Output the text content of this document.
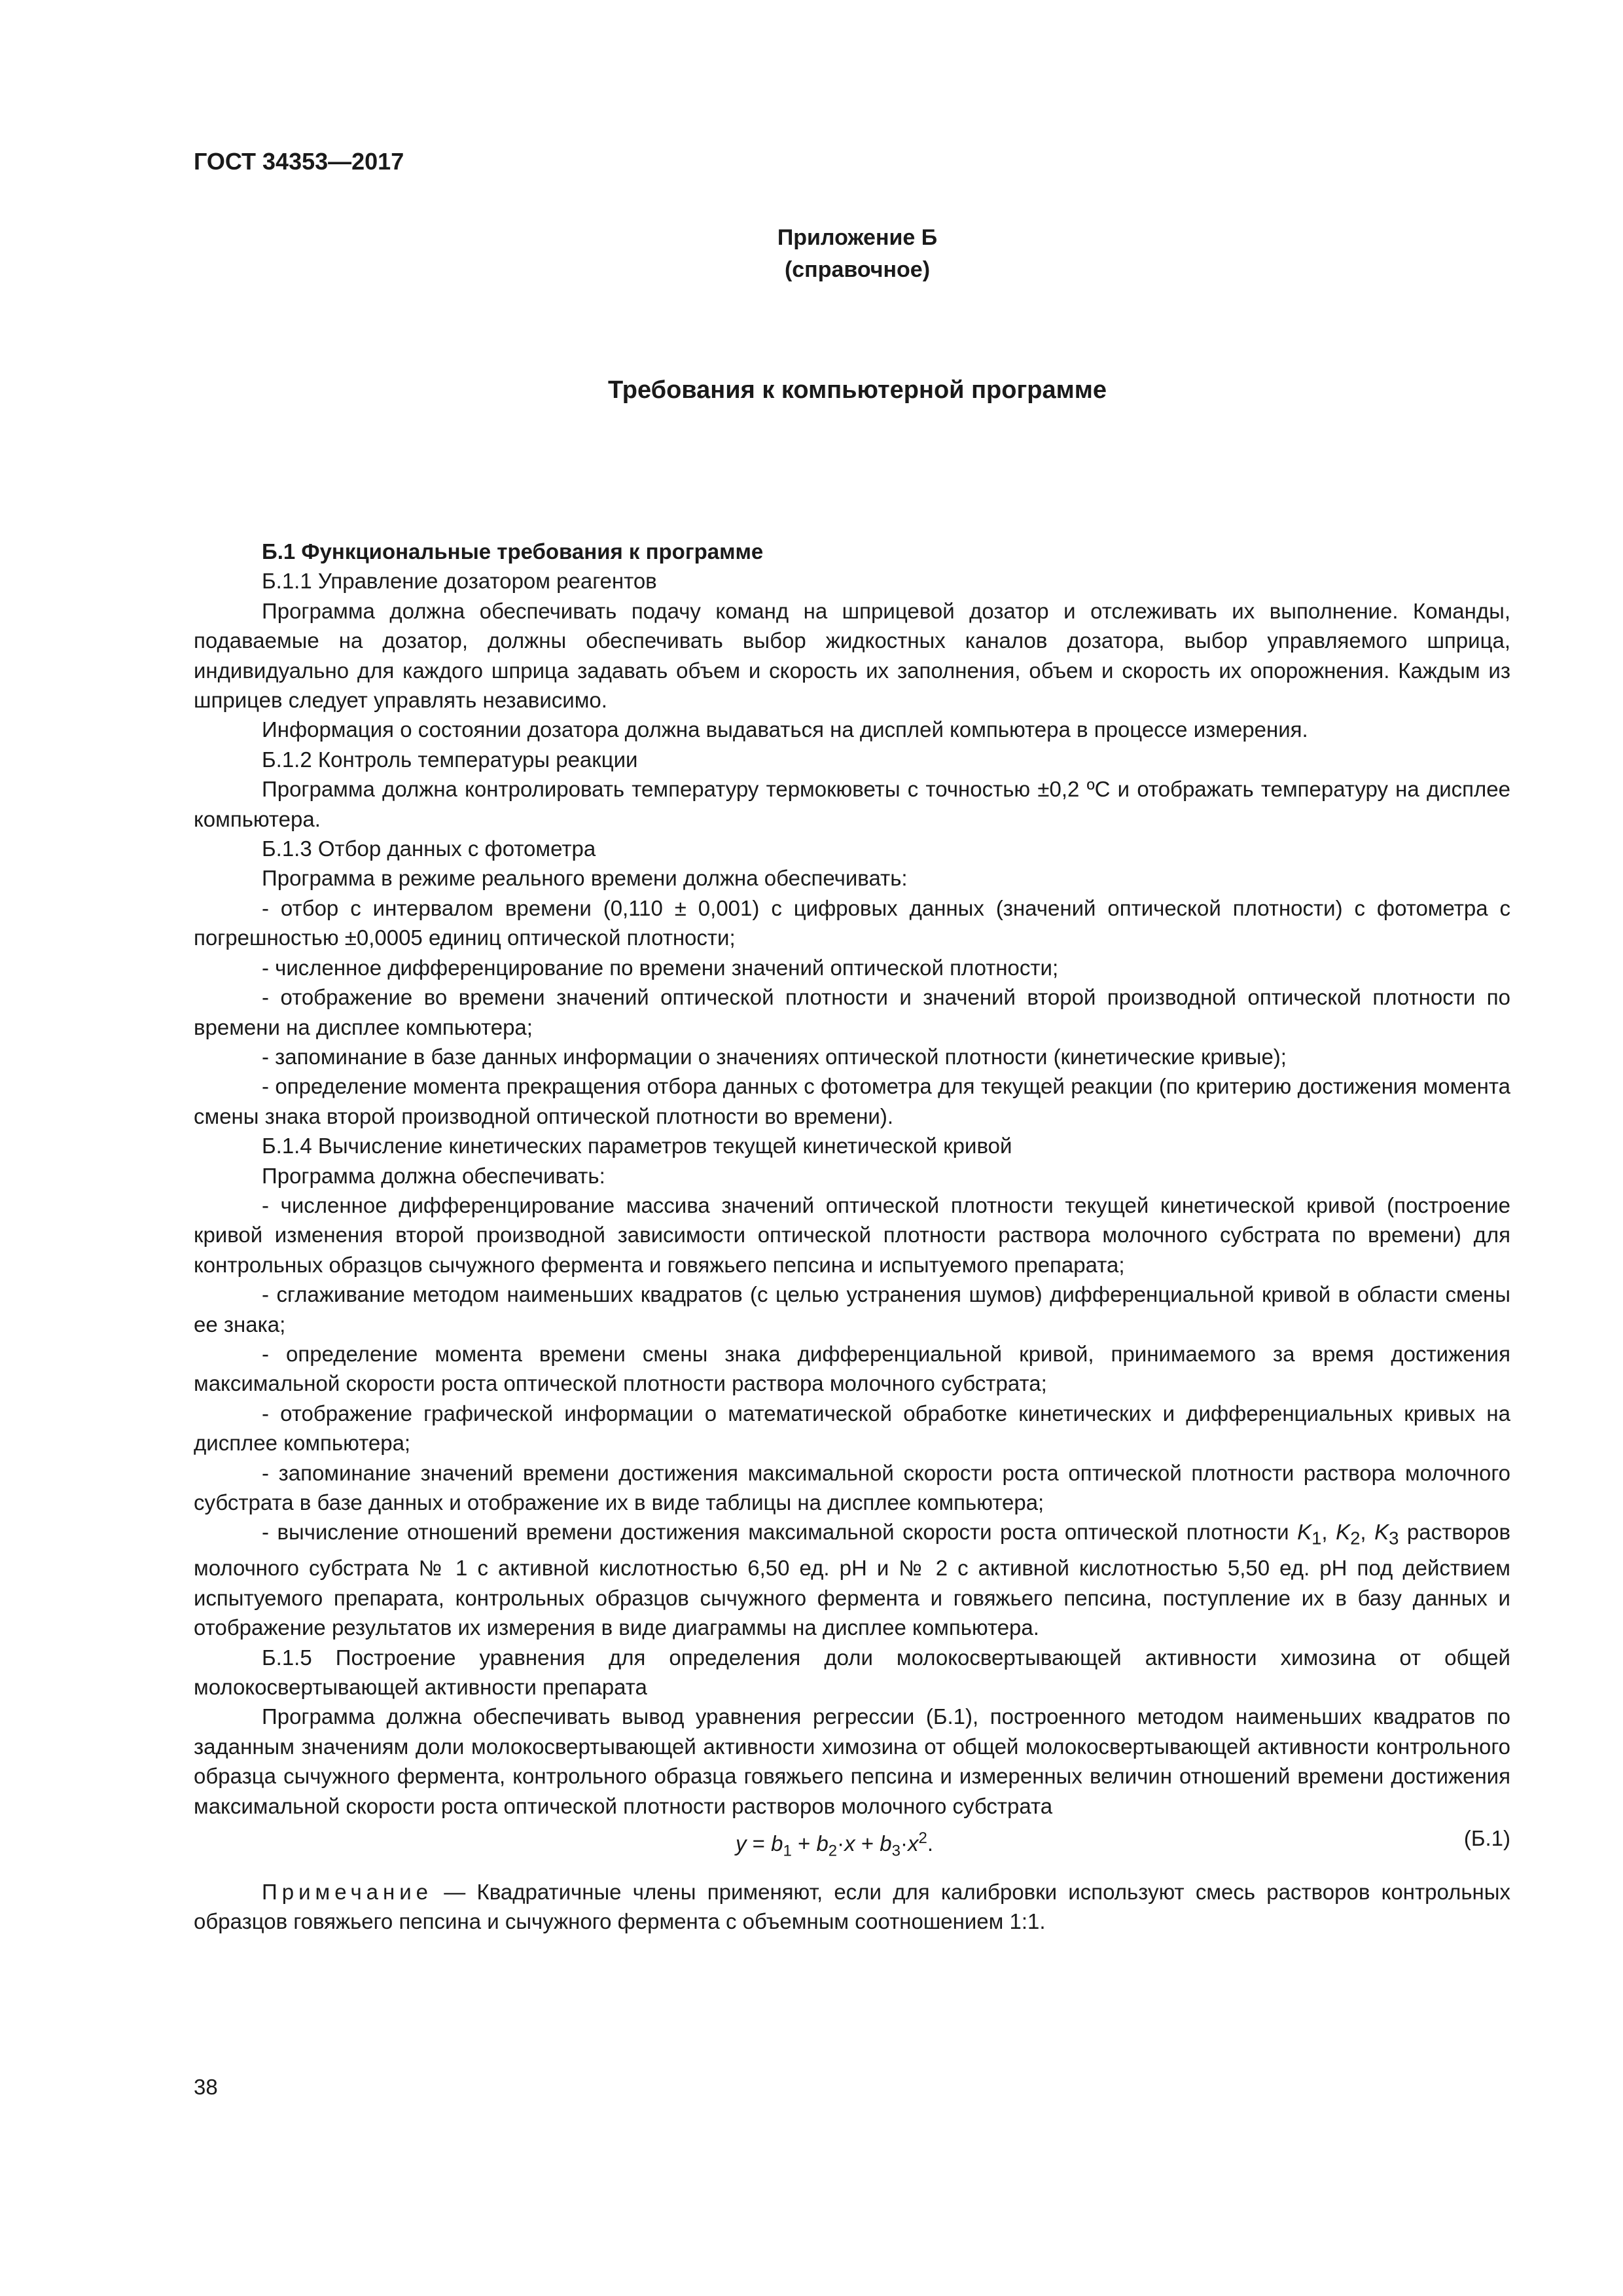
ГОСТ 34353—2017

Приложение Б

(справочное)

Требования к компьютерной программе

Б.1 Функциональные требования к программе

Б.1.1 Управление дозатором реагентов

Программа должна обеспечивать подачу команд на шприцевой дозатор и отслеживать их выполнение. Команды, подаваемые на дозатор, должны обеспечивать выбор жидкостных каналов дозатора, выбор управляемого шприца, индивидуально для каждого шприца задавать объем и скорость их заполнения, объем и скорость их опорожнения. Каждым из шприцев следует управлять независимо.

Информация о состоянии дозатора должна выдаваться на дисплей компьютера в процессе измерения.

Б.1.2 Контроль температуры реакции

Программа должна контролировать температуру термокюветы с точностью ±0,2 ºС и отображать температуру на дисплее компьютера.

Б.1.3 Отбор данных с фотометра

Программа в режиме реального времени должна обеспечивать:

- отбор с интервалом времени (0,110 ± 0,001) с цифровых данных (значений оптической плотности) с фотометра с погрешностью ±0,0005 единиц оптической плотности;

- численное дифференцирование по времени значений оптической плотности;

- отображение во времени значений оптической плотности и значений второй производной оптической плотности по времени на дисплее компьютера;

- запоминание в базе данных информации о значениях оптической плотности (кинетические кривые);

- определение момента прекращения отбора данных с фотометра для текущей реакции (по критерию достижения момента смены знака второй производной оптической плотности во времени).

Б.1.4 Вычисление кинетических параметров текущей кинетической кривой

Программа должна обеспечивать:

- численное дифференцирование массива значений оптической плотности текущей кинетической кривой (построение кривой изменения второй производной зависимости оптической плотности раствора молочного субстрата по времени) для контрольных образцов сычужного фермента и говяжьего пепсина и испытуемого препарата;

- сглаживание методом наименьших квадратов (с целью устранения шумов) дифференциальной кривой в области смены ее знака;

- определение момента времени смены знака дифференциальной кривой, принимаемого за время достижения максимальной скорости роста оптической плотности раствора молочного субстрата;

- отображение графической информации о математической обработке кинетических и дифференциальных кривых на дисплее компьютера;

- запоминание значений времени достижения максимальной скорости роста оптической плотности раствора молочного субстрата в базе данных и отображение их в виде таблицы на дисплее компьютера;

- вычисление отношений времени достижения максимальной скорости роста оптической плотности $K_1$, $K_2$, $K_3$ растворов молочного субстрата № 1 с активной кислотностью 6,50 ед. pH и № 2 с активной кислотностью 5,50 ед. pH под действием испытуемого препарата, контрольных образцов сычужного фермента и говяжьего пепсина, поступление их в базу данных и отображение результатов их измерения в виде диаграммы на дисплее компьютера.

Б.1.5 Построение уравнения для определения доли молокосвертывающей активности химозина от общей молокосвертывающей активности препарата

Программа должна обеспечивать вывод уравнения регрессии (Б.1), построенного методом наименьших квадратов по заданным значениям доли молокосвертывающей активности химозина от общей молокосвертывающей активности контрольного образца сычужного фермента, контрольного образца говяжьего пепсина и измеренных величин отношений времени достижения максимальной скорости роста оптической плотности растворов молочного субстрата

$y = b_1 + b_2\cdot x + b_3\cdot x^2$.	(Б.1)

Примечание — Квадратичные члены применяют, если для калибровки используют смесь растворов контрольных образцов говяжьего пепсина и сычужного фермента с объемным соотношением 1:1.

38
